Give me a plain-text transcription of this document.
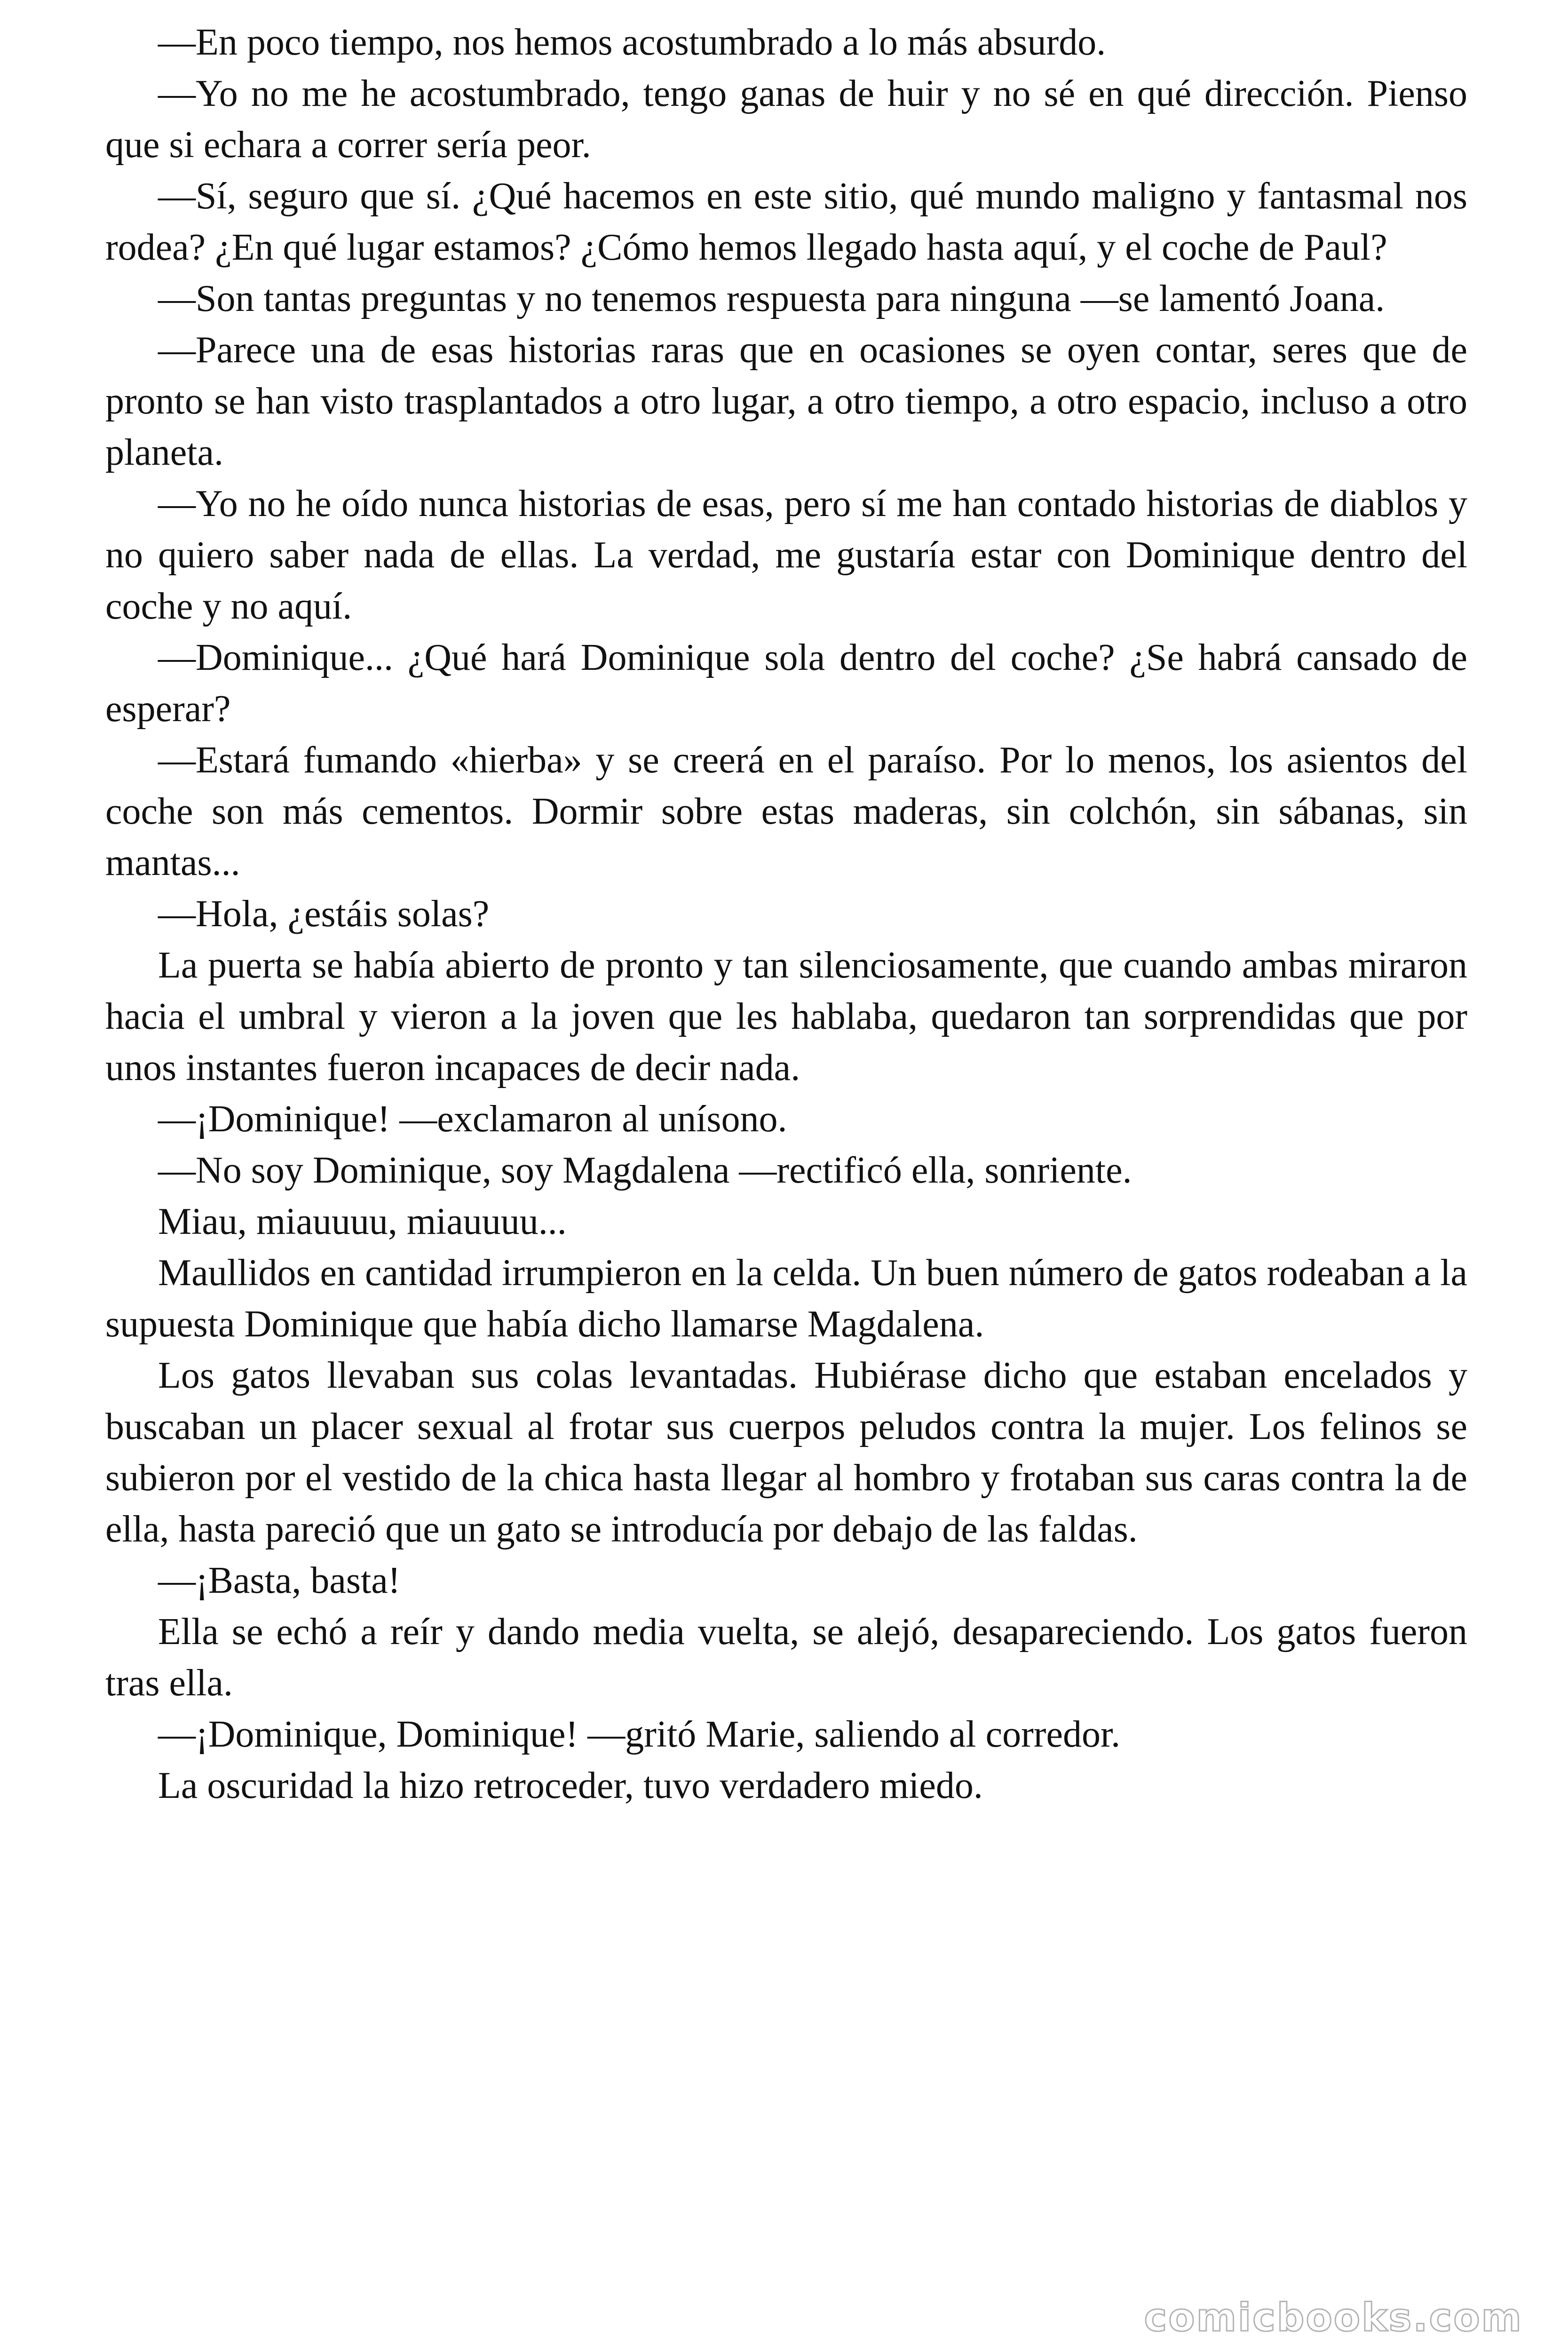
—En poco tiempo, nos hemos acostumbrado a lo más absurdo.

—Yo no me he acostumbrado, tengo ganas de huir y no sé en qué dirección. Pienso que si echara a correr sería peor.

—Sí, seguro que sí. ¿Qué hacemos en este sitio, qué mundo maligno y fantasmal nos rodea? ¿En qué lugar estamos? ¿Cómo hemos llegado hasta aquí, y el coche de Paul?

—Son tantas preguntas y no tenemos respuesta para ninguna —se lamentó Joana.

—Parece una de esas historias raras que en ocasiones se oyen contar, seres que de pronto se han visto trasplantados a otro lugar, a otro tiempo, a otro espacio, incluso a otro planeta.

—Yo no he oído nunca historias de esas, pero sí me han contado historias de diablos y no quiero saber nada de ellas. La verdad, me gustaría estar con Dominique dentro del coche y no aquí.

—Dominique... ¿Qué hará Dominique sola dentro del coche? ¿Se habrá cansado de esperar?

—Estará fumando «hierba» y se creerá en el paraíso. Por lo menos, los asientos del coche son más cementos. Dormir sobre estas maderas, sin colchón, sin sábanas, sin mantas...

—Hola, ¿estáis solas?

La puerta se había abierto de pronto y tan silenciosamente, que cuando ambas miraron hacia el umbral y vieron a la joven que les hablaba, quedaron tan sorprendidas que por unos instantes fueron incapaces de decir nada.

—¡Dominique! —exclamaron al unísono.

—No soy Dominique, soy Magdalena —rectificó ella, sonriente.

Miau, miauuuu, miauuuu...

Maullidos en cantidad irrumpieron en la celda. Un buen número de gatos rodeaban a la supuesta Dominique que había dicho llamarse Magdalena.

Los gatos llevaban sus colas levantadas. Hubiérase dicho que estaban encelados y buscaban un placer sexual al frotar sus cuerpos peludos contra la mujer. Los felinos se subieron por el vestido de la chica hasta llegar al hombro y frotaban sus caras contra la de ella, hasta pareció que un gato se introducía por debajo de las faldas.

—¡Basta, basta!

Ella se echó a reír y dando media vuelta, se alejó, desapareciendo. Los gatos fueron tras ella.

—¡Dominique, Dominique! —gritó Marie, saliendo al corredor.

La oscuridad la hizo retroceder, tuvo verdadero miedo.

comicbooks.com
